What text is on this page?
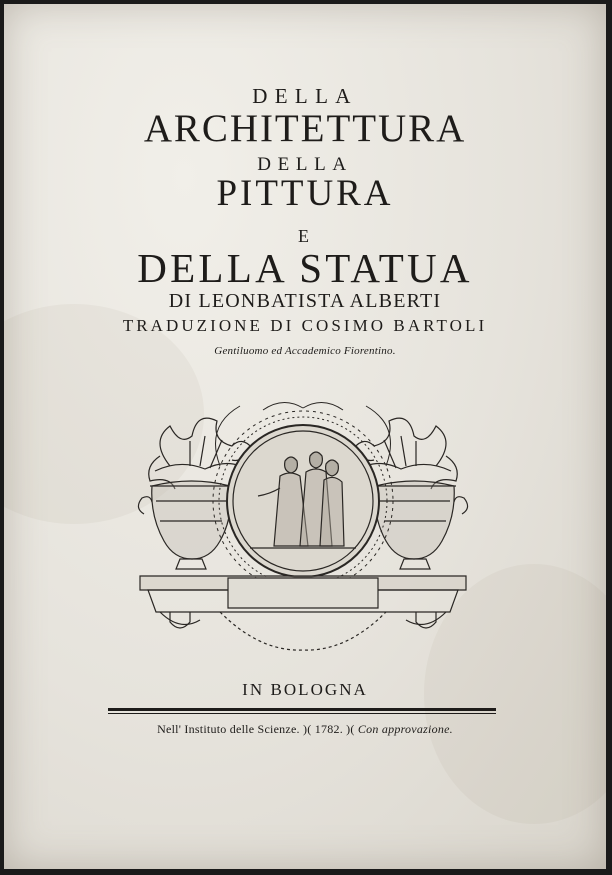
DELLA
ARCHITETTURA
DELLA
PITTURA
E
DELLA STATUA
DI LEONBATISTA ALBERTI
TRADUZIONE DI COSIMO BARTOLI
Gentiluomo ed Accademico Fiorentino.
IN BOLOGNA
Nell' Instituto delle Scienze. )( 1782. )( Con approvazione.
